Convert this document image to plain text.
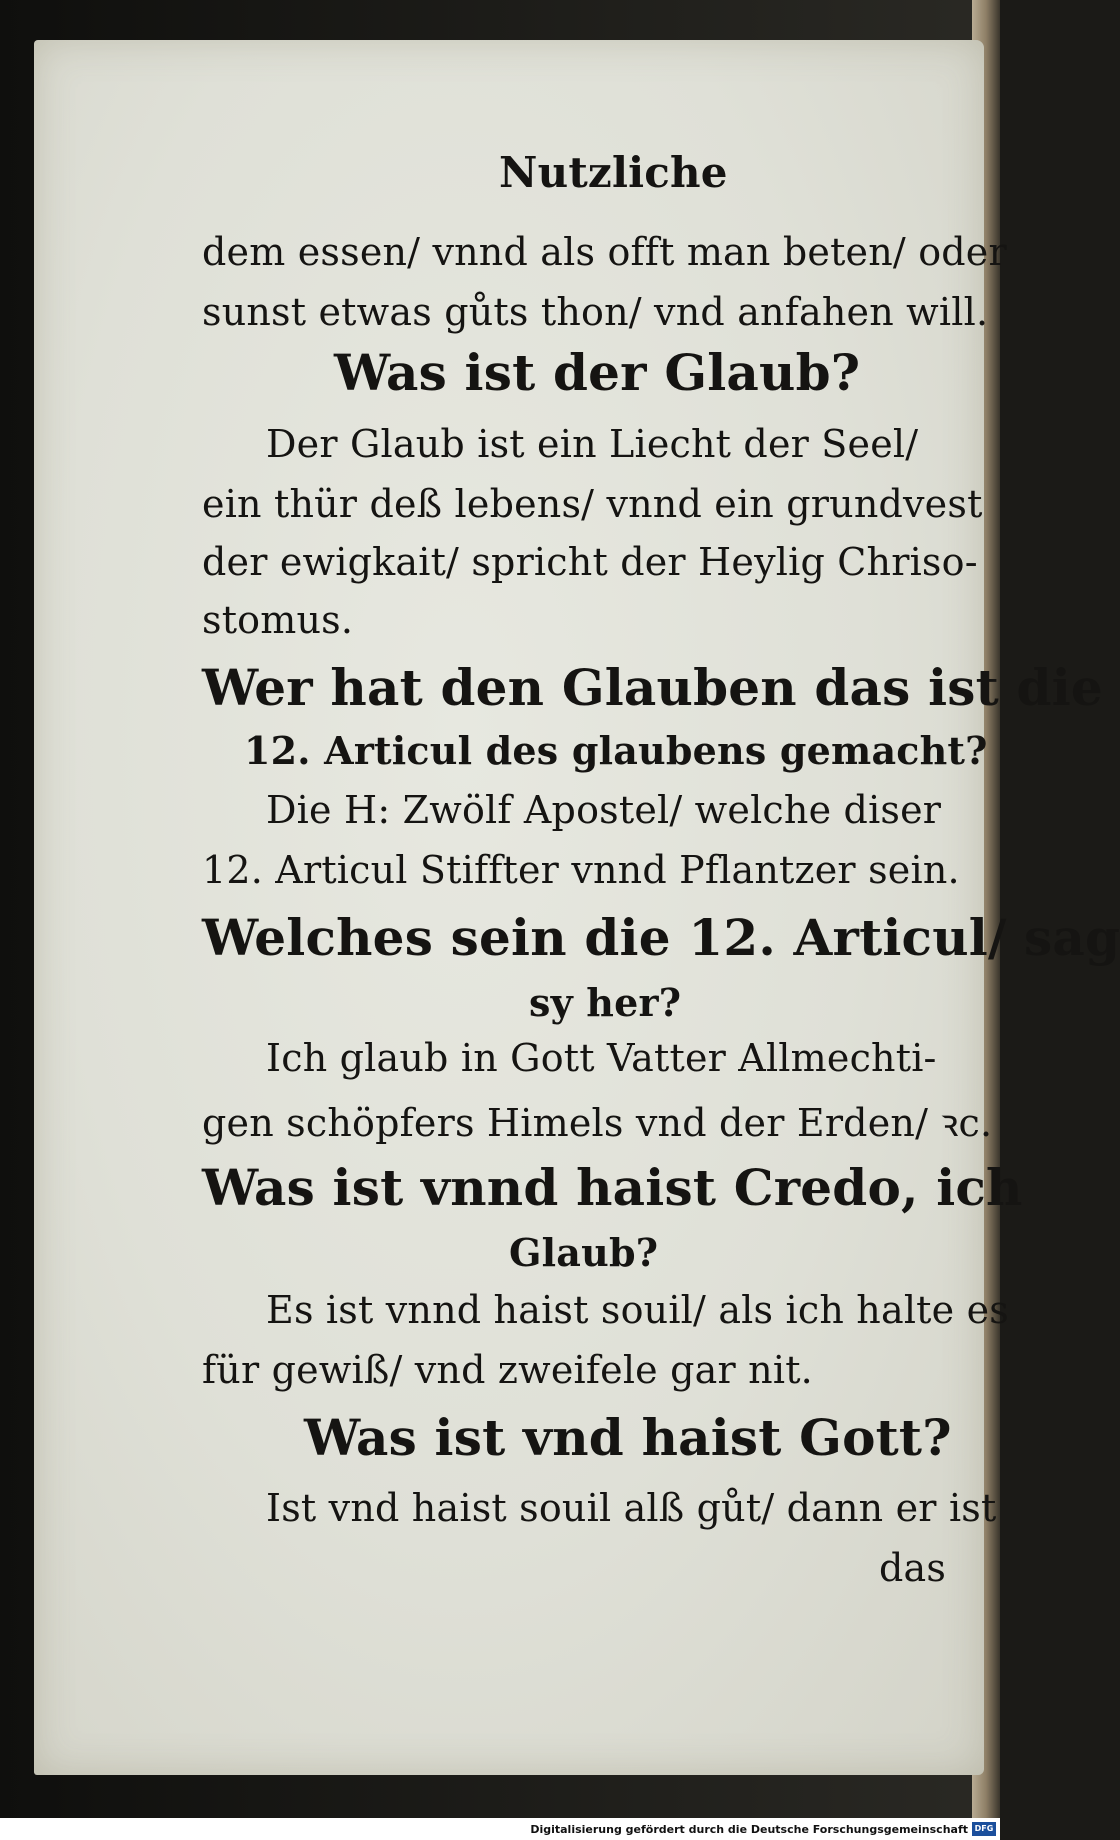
Nutzliche
dem essen/ vnnd als offt man beten/ oder
sunst etwas gůts thon/ vnd anfahen will.
Was ist der Glaub?
Der Glaub ist ein Liecht der Seel/
ein thür deß lebens/ vnnd ein grundvest
der ewigkait/ spricht der Heylig Chriso-
stomus.
Wer hat den Glauben das ist die
12. Articul des glaubens gemacht?
Die H: Zwölf Apostel/ welche diser
12. Articul Stiffter vnnd Pflantzer sein.
Welches sein die 12. Articul/ sag
sy her?
Ich glaub in Gott Vatter Allmechti-
gen schöpfers Himels vnd der Erden/ ꝛc.
Was ist vnnd haist Credo, ich
Glaub?
Es ist vnnd haist souil/ als ich halte es
für gewiß/ vnd zweifele gar nit.
Was ist vnd haist Gott?
Ist vnd haist souil alß gůt/ dann er ist
das
Digitalisierung gefördert durch die Deutsche Forschungsgemeinschaft DFG
